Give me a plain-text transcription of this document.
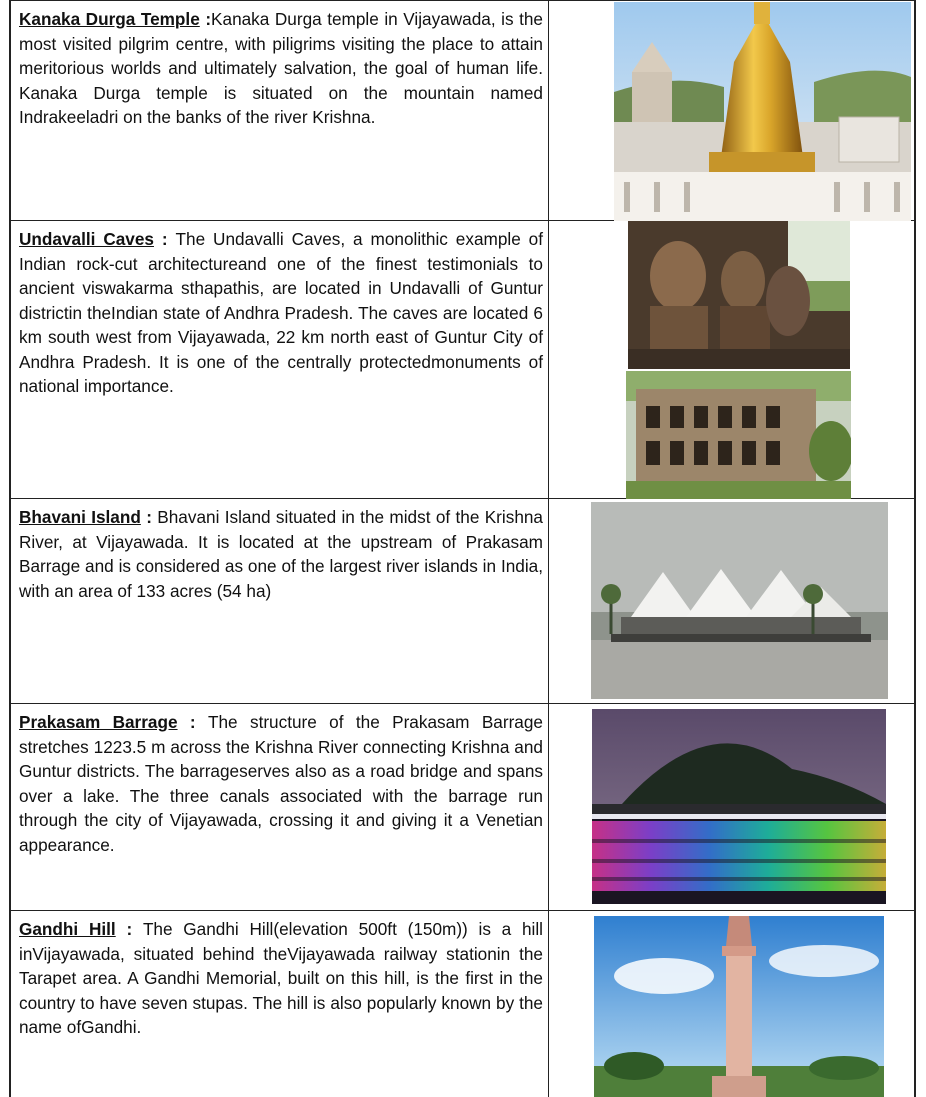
Kanaka Durga Temple :Kanaka Durga temple in Vijayawada, is the most visited pilgrim centre, with piligrims visiting the place to attain meritorious worlds and ultimately salvation, the goal of human life. Kanaka Durga temple is situated on the mountain named Indrakeeladri on the banks of the river Krishna.

Undavalli Caves : The Undavalli Caves, a monolithic example of Indian rock-cut architectureand one of the finest testimonials to ancient viswakarma sthapathis, are located in Undavalli of Guntur districtin theIndian state of Andhra Pradesh. The caves are located 6 km south west from Vijayawada, 22 km north east of Guntur City of Andhra Pradesh. It is one of the centrally protectedmonuments of national importance.

Bhavani Island : Bhavani Island situated in the midst of the Krishna River, at Vijayawada. It is located at the upstream of Prakasam Barrage and is considered as one of the largest river islands in India, with an area of 133 acres (54 ha)

Prakasam Barrage : The structure of the Prakasam Barrage stretches 1223.5 m across the Krishna River connecting Krishna and Guntur districts. The barrageserves also as a road bridge and spans over a lake. The three canals associated with the barrage run through the city of Vijayawada, crossing it and giving it a Venetian appearance.

Gandhi Hill : The Gandhi Hill(elevation 500ft (150m)) is a hill inVijayawada, situated behind theVijayawada railway stationin the Tarapet area. A Gandhi Memorial, built on this hill, is the first in the country to have seven stupas. The hill is also popularly known by the name ofGandhi.
